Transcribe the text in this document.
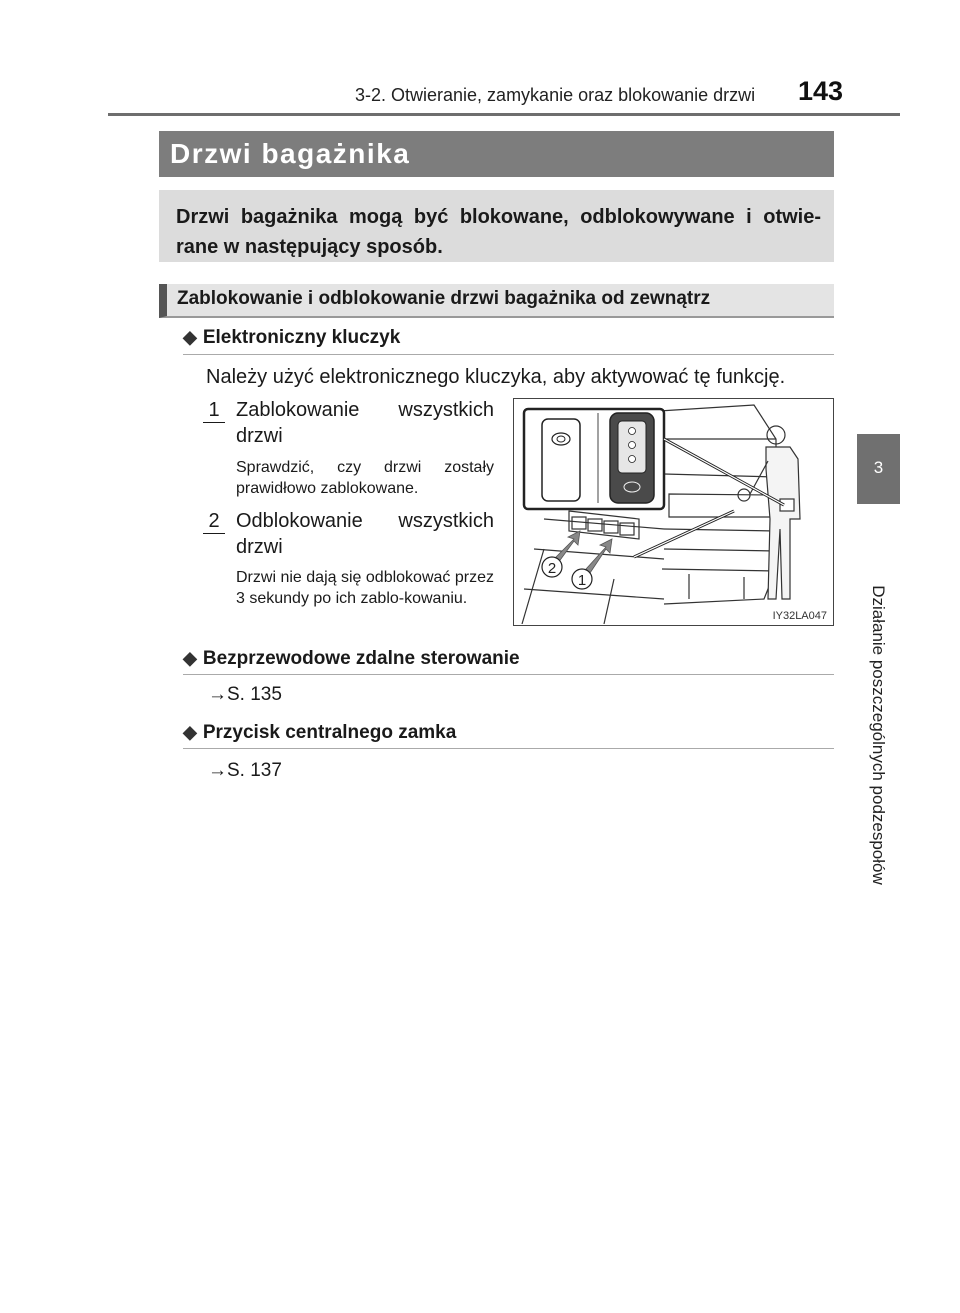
3-2. Otwieranie, zamykanie oraz blokowanie drzwi 143
3
Działanie poszczególnych podzespołów
Drzwi bagażnika
Drzwi bagażnika mogą być blokowane, odblokowywane i otwie-rane w następujący sposób.
Zablokowanie i odblokowanie drzwi bagażnika od zewnątrz
◆ Elektroniczny kluczyk
Należy użyć elektronicznego kluczyka, aby aktywować tę funkcję.
1 Zablokowanie wszystkich drzwi
Sprawdzić, czy drzwi zostały prawidłowo zablokowane.
2 Odblokowanie wszystkich drzwi
Drzwi nie dają się odblokować przez 3 sekundy po ich zablo-kowaniu.
2
1
IY32LA047
◆ Bezprzewodowe zdalne sterowanie
→S. 135
◆ Przycisk centralnego zamka
→S. 137
